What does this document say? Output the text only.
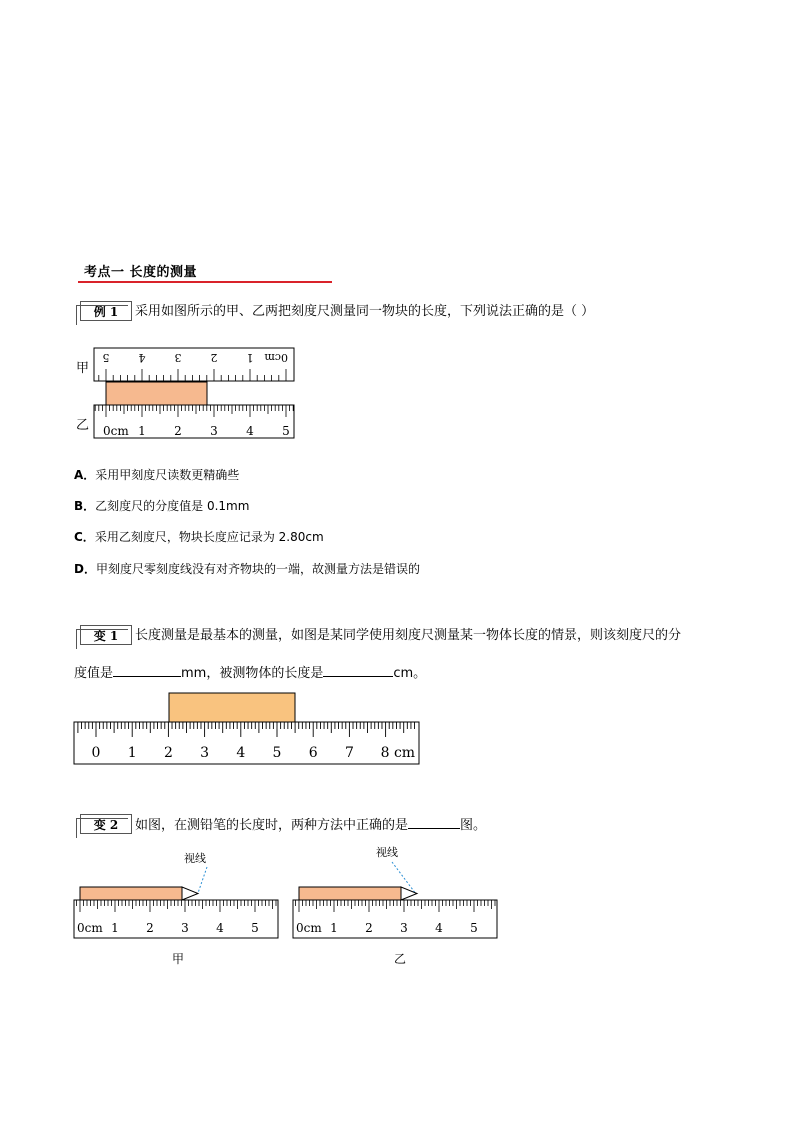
考点一 长度的测量
例 1	采用如图所示的甲、乙两把刻度尺测量同一物块的长度，下列说法正确的是（ ）
甲
乙
5	4	3	2	1 0cm
0cm 1 2 3 4 5
A．采用甲刻度尺读数更精确些
B．乙刻度尺的分度值是 0.1mm
C．采用乙刻度尺，物块长度应记录为 2.80cm
D．甲刻度尺零刻度线没有对齐物块的一端，故测量方法是错误的
变 1	长度测量是最基本的测量，如图是某同学使用刻度尺测量某一物体长度的情景，则该刻度尺的分
度值是	mm，被测物体的长度是	cm。
0 1 2 3 4 5 6 7 8 cm
变 2	如图，在测铅笔的长度时，两种方法中正确的是	图。
视线
0cm 1 2 3 4 5
甲
视线
0cm 1 2 3 4 5
乙
